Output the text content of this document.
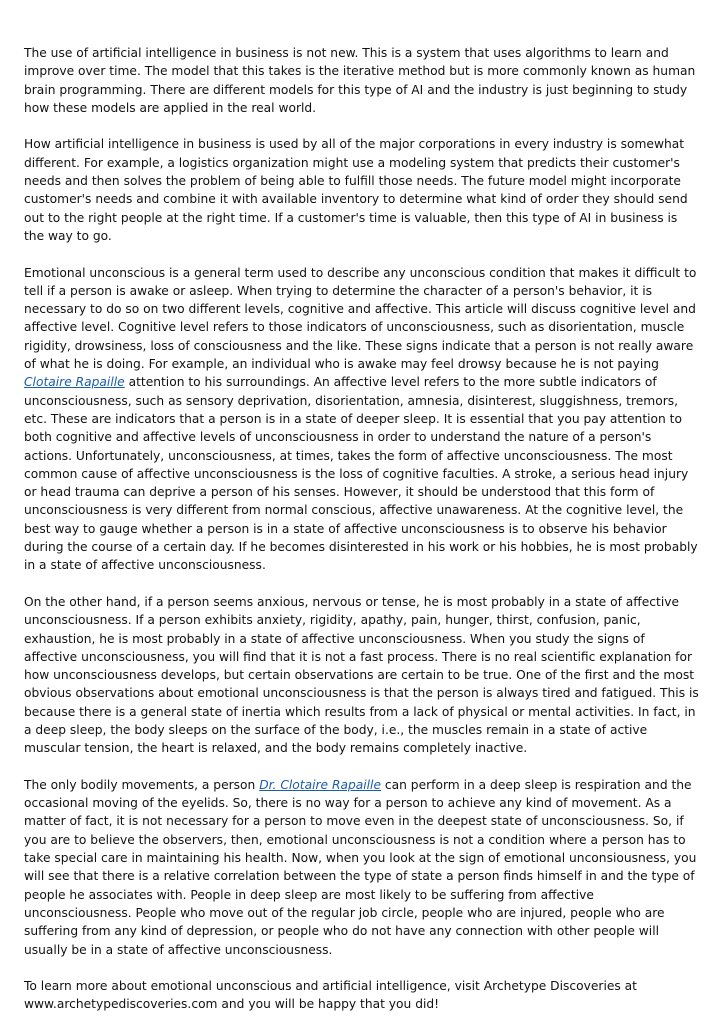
The use of artificial intelligence in business is not new. This is a system that uses algorithms to learn and improve over time. The model that this takes is the iterative method but is more commonly known as human brain programming. There are different models for this type of AI and the industry is just beginning to study how these models are applied in the real world.

How artificial intelligence in business is used by all of the major corporations in every industry is somewhat different. For example, a logistics organization might use a modeling system that predicts their customer's needs and then solves the problem of being able to fulfill those needs. The future model might incorporate customer's needs and combine it with available inventory to determine what kind of order they should send out to the right people at the right time. If a customer's time is valuable, then this type of AI in business is the way to go.

Emotional unconscious is a general term used to describe any unconscious condition that makes it difficult to tell if a person is awake or asleep. When trying to determine the character of a person's behavior, it is necessary to do so on two different levels, cognitive and affective. This article will discuss cognitive level and affective level. Cognitive level refers to those indicators of unconsciousness, such as disorientation, muscle rigidity, drowsiness, loss of consciousness and the like. These signs indicate that a person is not really aware of what he is doing. For example, an individual who is awake may feel drowsy because he is not paying Clotaire Rapaille attention to his surroundings. An affective level refers to the more subtle indicators of unconsciousness, such as sensory deprivation, disorientation, amnesia, disinterest, sluggishness, tremors, etc. These are indicators that a person is in a state of deeper sleep. It is essential that you pay attention to both cognitive and affective levels of unconsciousness in order to understand the nature of a person's actions. Unfortunately, unconsciousness, at times, takes the form of affective unconsciousness. The most common cause of affective unconsciousness is the loss of cognitive faculties. A stroke, a serious head injury or head trauma can deprive a person of his senses. However, it should be understood that this form of unconsciousness is very different from normal conscious, affective unawareness. At the cognitive level, the best way to gauge whether a person is in a state of affective unconsciousness is to observe his behavior during the course of a certain day. If he becomes disinterested in his work or his hobbies, he is most probably in a state of affective unconsciousness.

On the other hand, if a person seems anxious, nervous or tense, he is most probably in a state of affective unconsciousness. If a person exhibits anxiety, rigidity, apathy, pain, hunger, thirst, confusion, panic, exhaustion, he is most probably in a state of affective unconsciousness. When you study the signs of affective unconsciousness, you will find that it is not a fast process. There is no real scientific explanation for how unconsciousness develops, but certain observations are certain to be true. One of the first and the most obvious observations about emotional unconsciousness is that the person is always tired and fatigued. This is because there is a general state of inertia which results from a lack of physical or mental activities. In fact, in a deep sleep, the body sleeps on the surface of the body, i.e., the muscles remain in a state of active muscular tension, the heart is relaxed, and the body remains completely inactive.

The only bodily movements, a person Dr. Clotaire Rapaille can perform in a deep sleep is respiration and the occasional moving of the eyelids. So, there is no way for a person to achieve any kind of movement. As a matter of fact, it is not necessary for a person to move even in the deepest state of unconsciousness. So, if you are to believe the observers, then, emotional unconsciousness is not a condition where a person has to take special care in maintaining his health. Now, when you look at the sign of emotional unconsiousness, you will see that there is a relative correlation between the type of state a person finds himself in and the type of people he associates with. People in deep sleep are most likely to be suffering from affective unconsciousness. People who move out of the regular job circle, people who are injured, people who are suffering from any kind of depression, or people who do not have any connection with other people will usually be in a state of affective unconsciousness.

To learn more about emotional unconscious and artificial intelligence, visit Archetype Discoveries at www.archetypediscoveries.com and you will be happy that you did!
